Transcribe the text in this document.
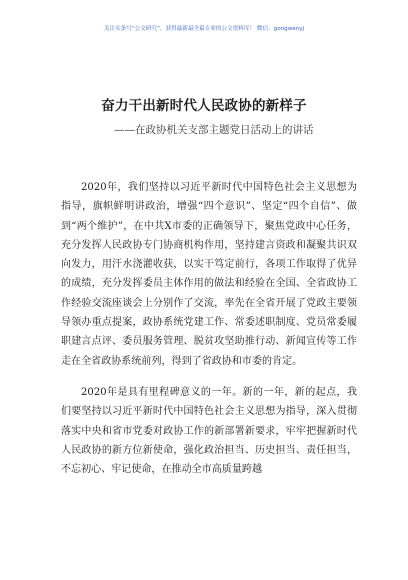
关注头条号“公文研究”，获得最新最全最专业的公文资料库！ 微信：gongwenyj
奋力干出新时代人民政协的新样子
——在政协机关支部主题党日活动上的讲话

2020年，我们坚持以习近平新时代中国特色社会主义思想为指导，旗帜鲜明讲政治，增强“四个意识”、坚定“四个自信”、做到“两个维护”，在中共X市委的正确领导下，聚焦党政中心任务，充分发挥人民政协专门协商机构作用，坚持建言资政和凝聚共识双向发力，用汗水浇灌收获，以实干笃定前行，各项工作取得了优异的成绩，充分发挥委员主体作用的做法和经验在全国、全省政协工作经验交流座谈会上分别作了交流，率先在全省开展了党政主要领导领办重点提案，政协系统党建工作、常委述职制度、党员常委履职建言点评、委员服务管理、脱贫攻坚助推行动、新闻宣传等工作走在全省政协系统前列，得到了省政协和市委的肯定。

2020年是具有里程碑意义的一年。新的一年，新的起点，我们要坚持以习近平新时代中国特色社会主义思想为指导，深入贯彻落实中央和省市党委对政协工作的新部署新要求，牢牢把握新时代人民政协的新方位新使命，强化政治担当、历史担当、责任担当，不忘初心、牢记使命，在推动全市高质量跨越
